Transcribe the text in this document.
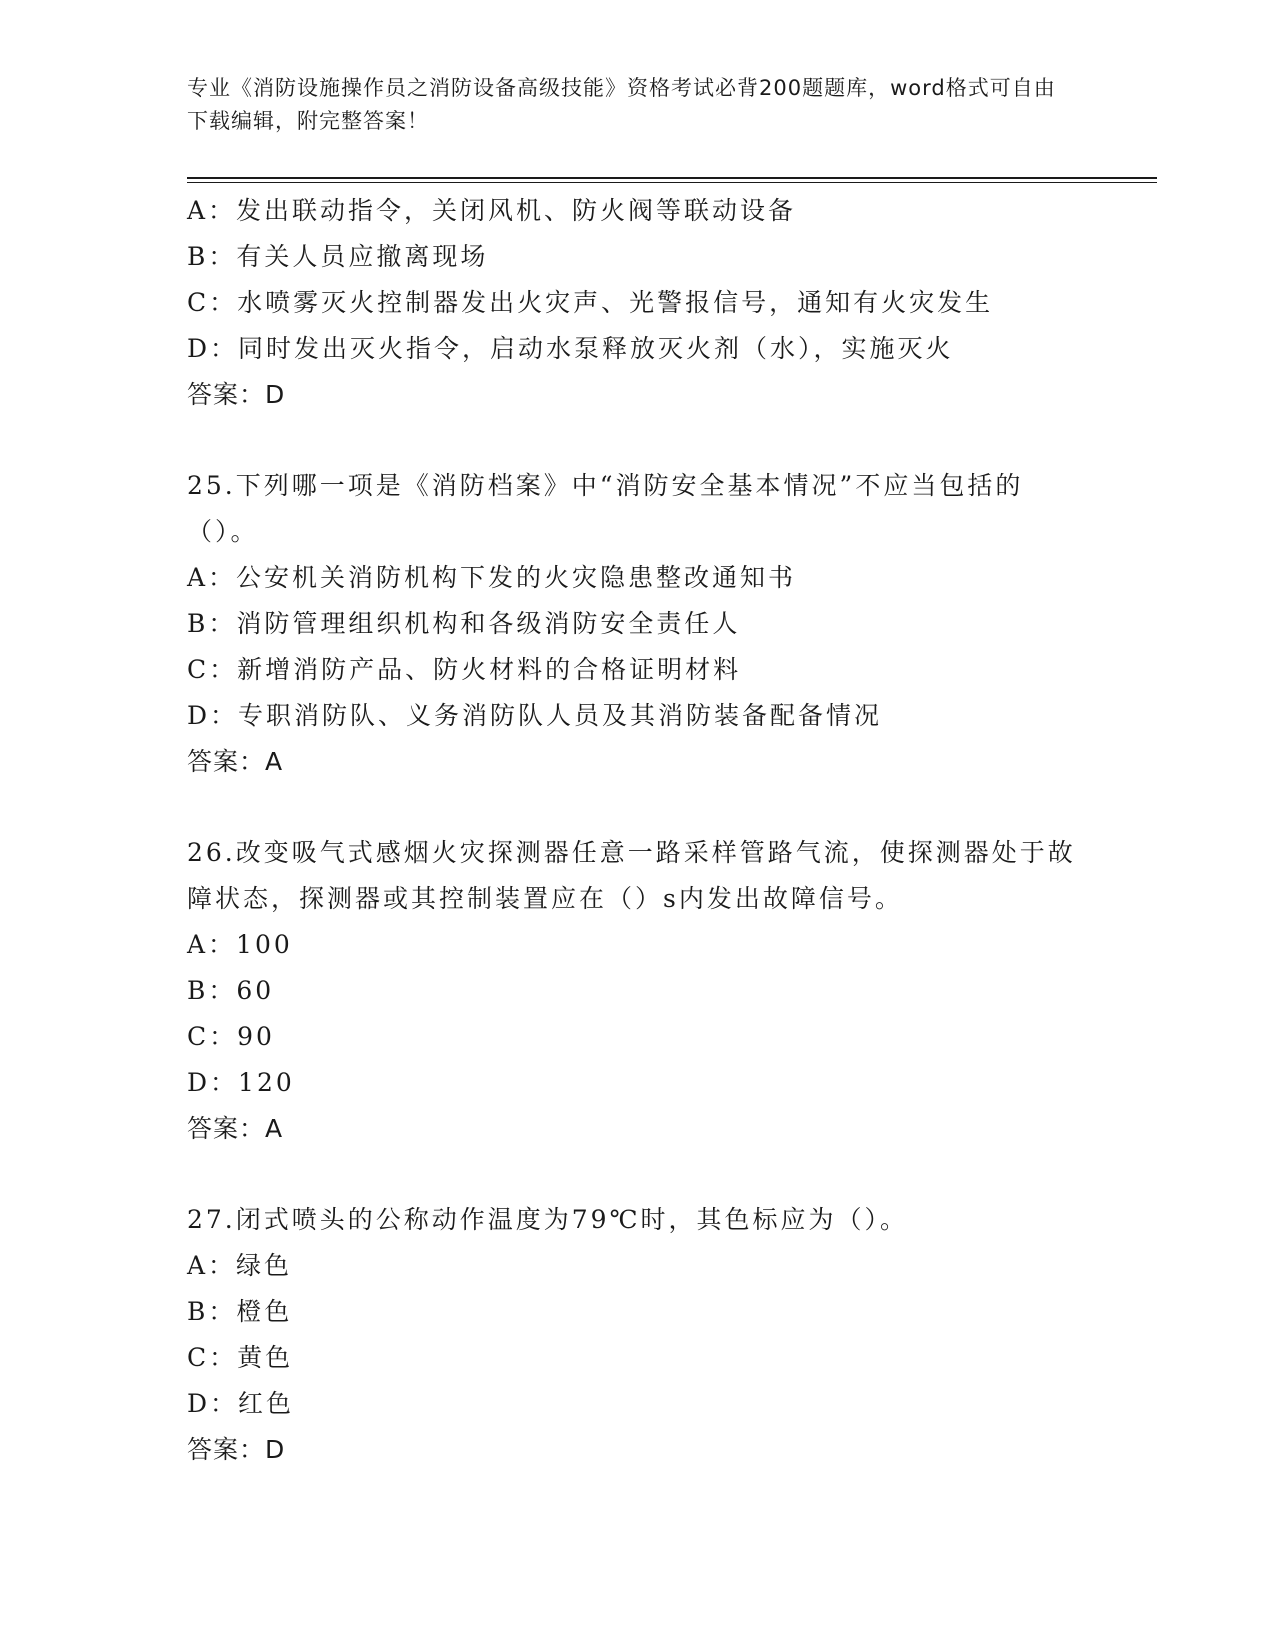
专业《消防设施操作员之消防设备高级技能》资格考试必背200题题库，word格式可自由下载编辑，附完整答案！
A：发出联动指令，关闭风机、防火阀等联动设备
B：有关人员应撤离现场
C：水喷雾灭火控制器发出火灾声、光警报信号，通知有火灾发生
D：同时发出灭火指令，启动水泵释放灭火剂（水），实施灭火
答案：D
25.下列哪一项是《消防档案》中“消防安全基本情况”不应当包括的（）。
A：公安机关消防机构下发的火灾隐患整改通知书
B：消防管理组织机构和各级消防安全责任人
C：新增消防产品、防火材料的合格证明材料
D：专职消防队、义务消防队人员及其消防装备配备情况
答案：A
26.改变吸气式感烟火灾探测器任意一路采样管路气流，使探测器处于故障状态，探测器或其控制装置应在（）s内发出故障信号。
A：100
B：60
C：90
D：120
答案：A
27.闭式喷头的公称动作温度为79℃时，其色标应为（）。
A：绿色
B：橙色
C：黄色
D：红色
答案：D
